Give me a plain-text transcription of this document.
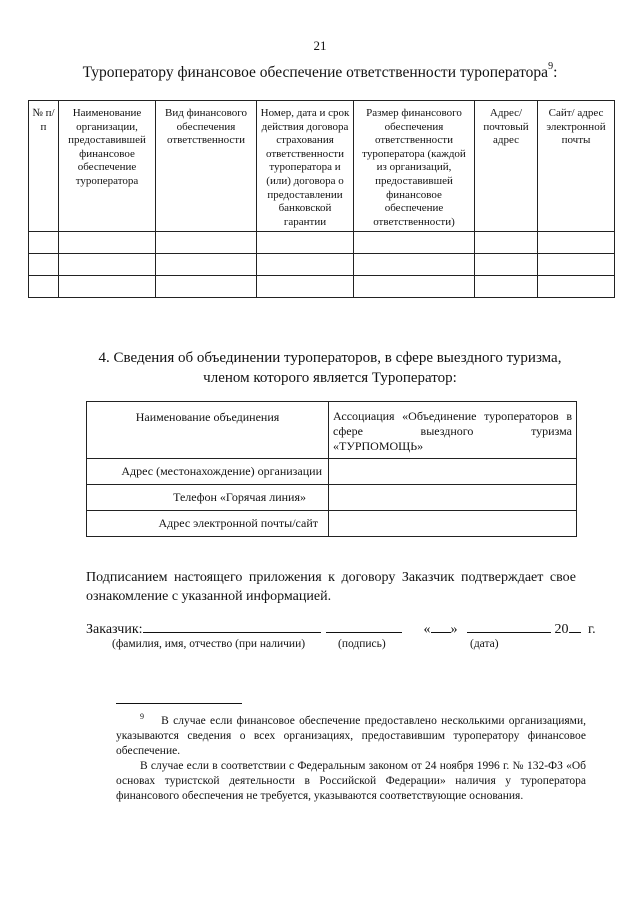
21
Туроператору финансовое обеспечение ответственности туроператора$^9$:
№ п/п	Наименование организации, предоставившей финансовое обеспечение туроператора	Вид финансового обеспечения ответственности	Номер, дата и срок действия договора страхования ответственности туроператора и (или) договора о предоставлении банковской гарантии	Размер финансового обеспечения ответственности туроператора (каждой из организаций, предоставившей финансовое обеспечение ответственности)	Адрес/ почтовый адрес	Сайт/ адрес электронной почты

4. Сведения об объединении туроператоров, в сфере выездного туризма,
членом которого является Туроператор:
Наименование объединения	Ассоциация «Объединение туроператоров в сфере выездного туризма
«ТУРПОМОЩЬ»

Адрес (местонахождение) организации	
Телефон «Горячая линия»	
Адрес электронной почты/сайт	
Подписанием настоящего приложения к договору Заказчик подтверждает свое ознакомление с указанной информацией.
Заказчик:	« »	20 г.
(фамилия, имя, отчество (при наличии)	(подпись)	(дата)

$^9$ В случае если финансовое обеспечение предоставлено несколькими организациями, указываются сведения о всех организациях, предоставившим туроператору финансовое обеспечение.

В случае если в соответствии с Федеральным законом от 24 ноября 1996 г. № 132-ФЗ «Об основах туристской деятельности в Российской Федерации» наличия у туроператора финансового обеспечения не требуется, указываются соответствующие основания.
